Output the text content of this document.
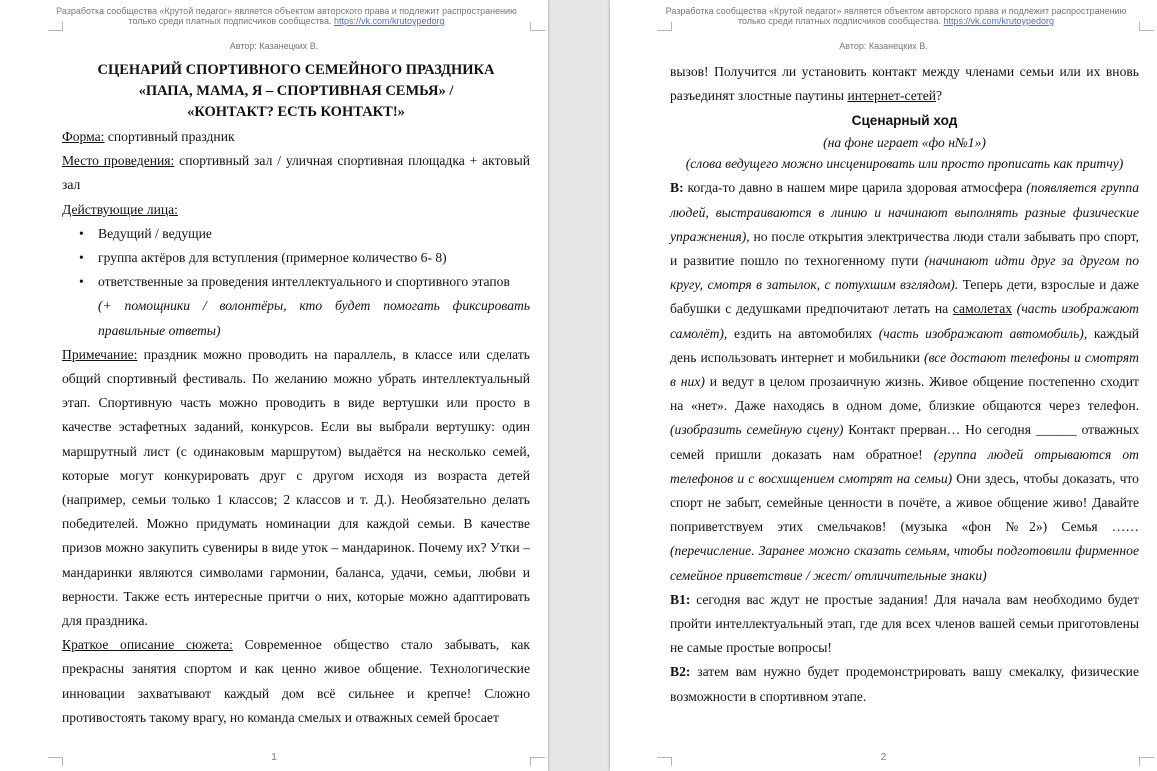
Разработка сообщества «Крутой педагог» является объектом авторского права и подлежит распространению
только среди платных подписчиков сообщества. https://vk.com/krutoypedorg
Автор: Казанецких В.
СЦЕНАРИЙ СПОРТИВНОГО СЕМЕЙНОГО ПРАЗДНИКА
«ПАПА, МАМА, Я – СПОРТИВНАЯ СЕМЬЯ» /
«КОНТАКТ? ЕСТЬ КОНТАКТ!»

Форма: спортивный праздник

Место проведения: спортивный зал / уличная спортивная площадка + актовый зал

Действующие лица:

• Ведущий / ведущие
• группа актёров для вступления (примерное количество 6- 8)
• ответственные за проведения интеллектуального и спортивного этапов
(+ помощники / волонтёры, кто будет помогать фиксировать правильные ответы)

Примечание: праздник можно проводить на параллель, в классе или сделать общий спортивный фестиваль. По желанию можно убрать интеллектуальный этап. Спортивную часть можно проводить в виде вертушки или просто в качестве эстафетных заданий, конкурсов. Если вы выбрали вертушку: один маршрутный лист (с одинаковым маршрутом) выдаётся на несколько семей, которые могут конкурировать друг с другом исходя из возраста детей (например, семьи только 1 классов; 2 классов и т. Д.). Необязательно делать победителей. Можно придумать номинации для каждой семьи. В качестве призов можно закупить сувениры в виде уток – мандаринок. Почему их? Утки – мандаринки являются символами гармонии, баланса, удачи, семьи, любви и верности. Также есть интересные притчи о них, которые можно адаптировать для праздника.

Краткое описание сюжета: Современное общество стало забывать, как прекрасны занятия спортом и как ценно живое общение. Технологические инновации захватывают каждый дом всё сильнее и крепче! Сложно противостоять такому врагу, но команда смелых и отважных семей бросает

1
Разработка сообщества «Крутой педагог» является объектом авторского права и подлежит распространению
только среди платных подписчиков сообщества. https://vk.com/krutoypedorg
Автор: Казанецких В.

вызов! Получится ли установить контакт между членами семьи или их вновь разъединят злостные паутины интернет-сетей?

Сценарный ход
(на фоне играет «фо н№1»)
(слова ведущего можно инсценировать или просто прописать как притчу)

В: когда-то давно в нашем мире царила здоровая атмосфера (появляется группа людей, выстраиваются в линию и начинают выполнять разные физические упражнения), но после открытия электричества люди стали забывать про спорт, и развитие пошло по техногенному пути (начинают идти друг за другом по кругу, смотря в затылок, с потухшим взглядом). Теперь дети, взрослые и даже бабушки с дедушками предпочитают летать на самолетах (часть изображают самолёт), ездить на автомобилях (часть изображают автомобиль), каждый день использовать интернет и мобильники (все достают телефоны и смотрят в них) и ведут в целом прозаичную жизнь. Живое общение постепенно сходит на «нет». Даже находясь в одном доме, близкие общаются через телефон. (изобразить семейную сцену) Контакт прерван… Но сегодня ______ отважных семей пришли доказать нам обратное! (группа людей отрываются от телефонов и с восхищением смотрят на семьи) Они здесь, чтобы доказать, что спорт не забыт, семейные ценности в почёте, а живое общение живо! Давайте поприветствуем этих смельчаков! (музыка «фон №2») Семья …… (перечисление. Заранее можно сказать семьям, чтобы подготовили фирменное семейное приветствие / жест/ отличительные знаки)

В1: сегодня вас ждут не простые задания! Для начала вам необходимо будет пройти интеллектуальный этап, где для всех членов вашей семьи приготовлены не самые простые вопросы!

В2: затем вам нужно будет продемонстрировать вашу смекалку, физические возможности в спортивном этапе.

2
